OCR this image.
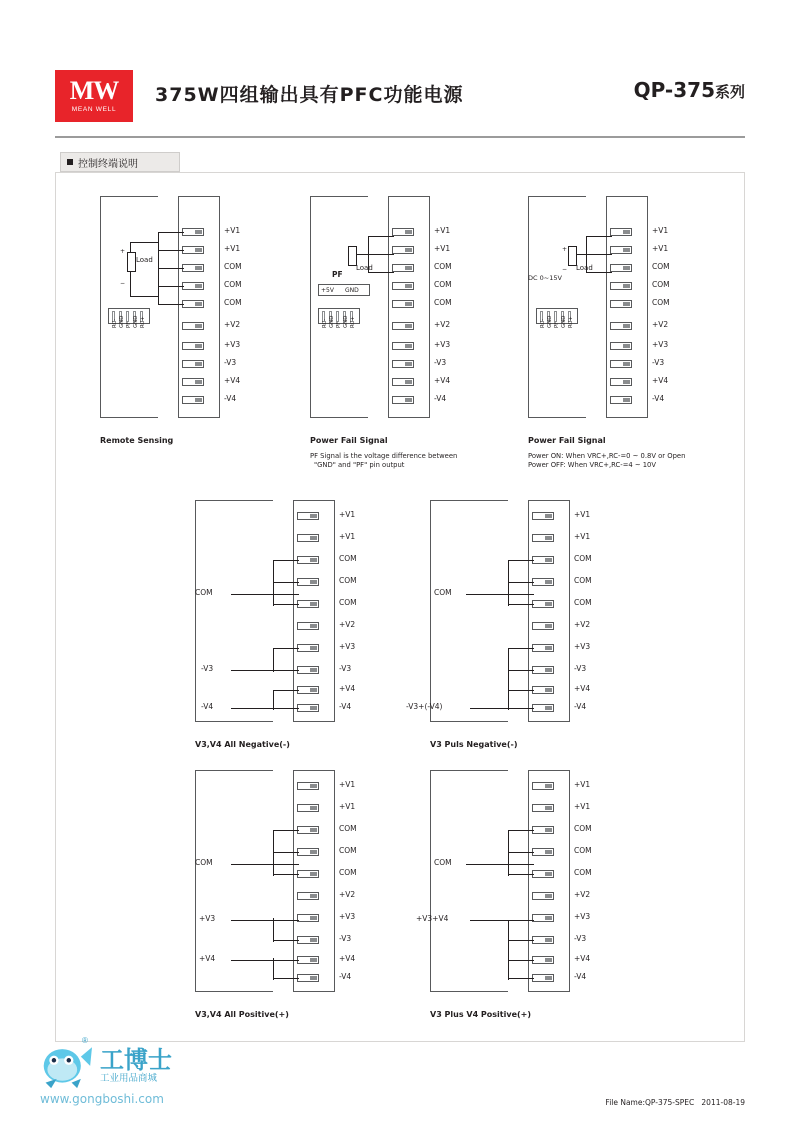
MW
MEAN WELL
375W四组输出具有PFC功能电源	QP-375系列
控制终端说明
+V1
+V1
COM
COM
COM
+V2
+V3
-V3
+V4
-V4
Load
+
−
RC- GND PF GND RC+
Remote Sensing
+V1
+V1
COM
COM
COM
+V2
+V3
-V3
+V4
-V4
Load
PF
+5V GND
RC- GND PF GND RC+
Power Fail Signal
PF Signal is the voltage difference between
"GND" and "PF" pin output
+V1
+V1
COM
COM
COM
+V2
+V3
-V3
+V4
-V4
Load
+
−
DC 0~15V
RC- GND PF GND RC+
Power Fail Signal
Power ON: When VRC+,RC-=0 ~ 0.8V or Open
Power OFF: When VRC+,RC-=4 ~ 10V
+V1
+V1
COM
COM
COM
+V2
+V3
-V3
+V4
-V4
COM
-V3
-V4
V3,V4 All Negative(-)
+V1
+V1
COM
COM
COM
+V2
+V3
-V3
+V4
-V4
COM
-V3+(-V4)
V3 Puls Negative(-)
+V1
+V1
COM
COM
COM
+V2
+V3
-V3
+V4
-V4
COM
+V3
+V4
V3,V4 All Positive(+)
+V1
+V1
COM
COM
COM
+V2
+V3
-V3
+V4
-V4
COM
+V3+V4
V3 Plus V4 Positive(+)
®
工博士
工业用品商城
www.gongboshi.com	File Name:QP-375-SPEC   2011-08-19
